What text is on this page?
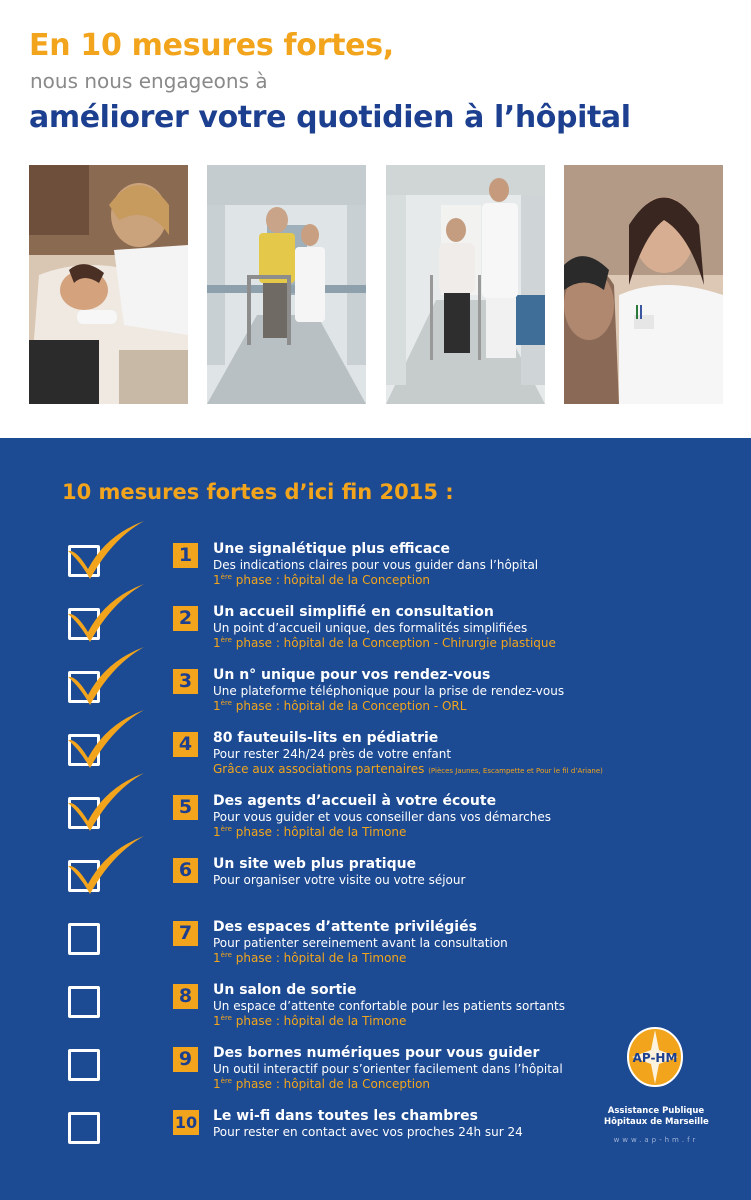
En 10 mesures fortes,
nous nous engageons à
améliorer votre quotidien à l’hôpital
10 mesures fortes d’ici fin 2015 :
1	Une signalétique plus efficace
Des indications claires pour vous guider dans l’hôpital
1ère phase : hôpital de la Conception
2	Un accueil simplifié en consultation
Un point d’accueil unique, des formalités simplifiées
1ère phase : hôpital de la Conception - Chirurgie plastique
3	Un n° unique pour vos rendez-vous
Une plateforme téléphonique pour la prise de rendez-vous
1ère phase : hôpital de la Conception - ORL
4	80 fauteuils-lits en pédiatrie
Pour rester 24h/24 près de votre enfant
Grâce aux associations partenaires (Pièces Jaunes, Escampette et Pour le fil d’Ariane)
5	Des agents d’accueil à votre écoute
Pour vous guider et vous conseiller dans vos démarches
1ère phase : hôpital de la Timone
6	Un site web plus pratique
Pour organiser votre visite ou votre séjour
7	Des espaces d’attente privilégiés
Pour patienter sereinement avant la consultation
1ère phase : hôpital de la Timone
8	Un salon de sortie
Un espace d’attente confortable pour les patients sortants
1ère phase : hôpital de la Timone
9	Des bornes numériques pour vous guider
Un outil interactif pour s’orienter facilement dans l’hôpital
1ère phase : hôpital de la Conception
10 Le wi-fi dans toutes les chambres
Pour rester en contact avec vos proches 24h sur 24
AP-HM
Assistance Publique
Hôpitaux de Marseille
www.ap-hm.fr
